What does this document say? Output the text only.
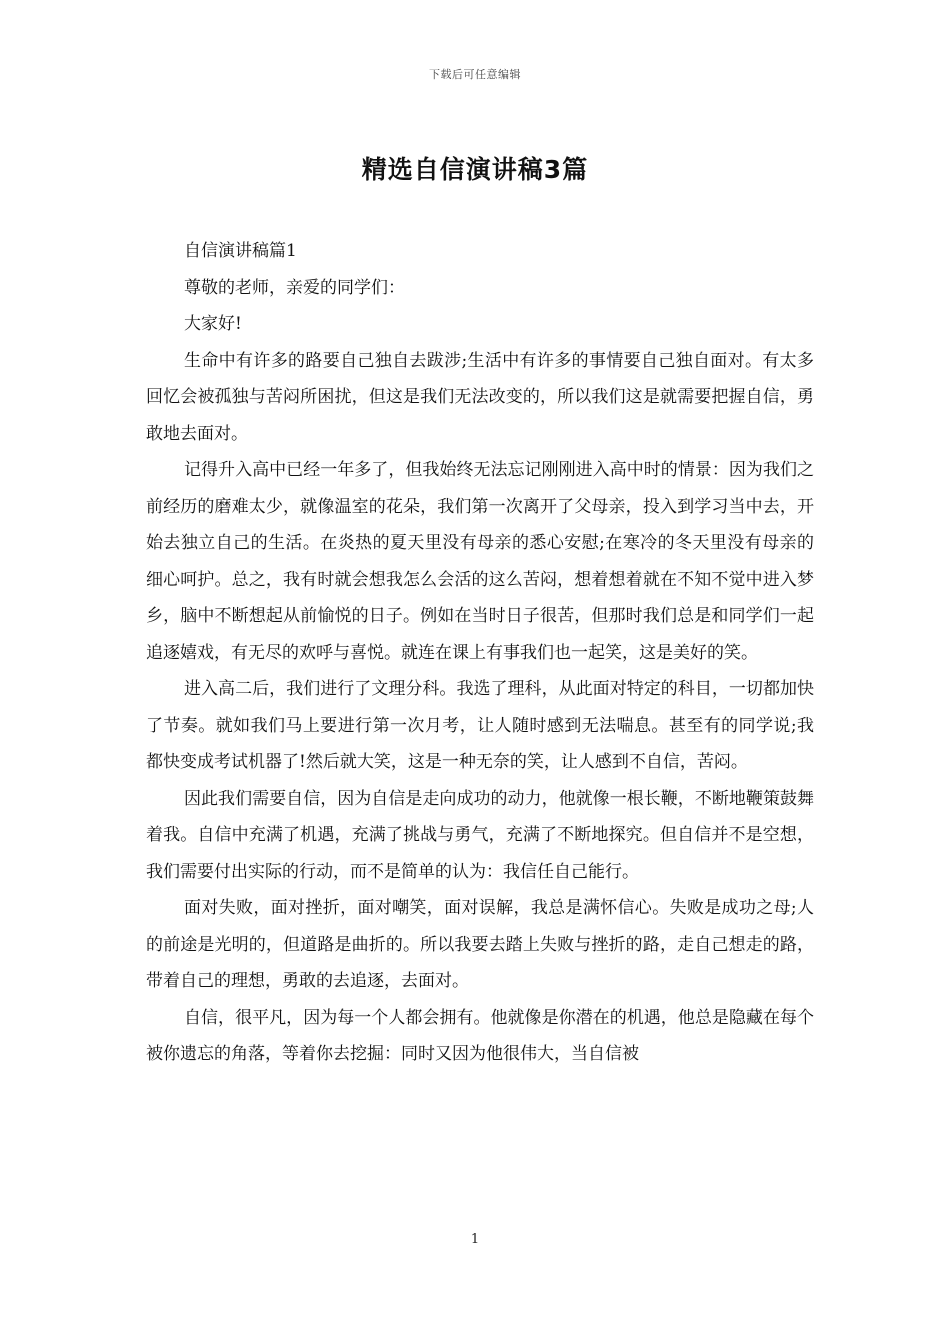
下载后可任意编辑
精选自信演讲稿3篇

自信演讲稿篇1

尊敬的老师，亲爱的同学们：

大家好!

生命中有许多的路要自己独自去跋涉;生活中有许多的事情要自己独自面对。有太多回忆会被孤独与苦闷所困扰，但这是我们无法改变的，所以我们这是就需要把握自信，勇敢地去面对。

记得升入高中已经一年多了，但我始终无法忘记刚刚进入高中时的情景：因为我们之前经历的磨难太少，就像温室的花朵，我们第一次离开了父母亲，投入到学习当中去，开始去独立自己的生活。在炎热的夏天里没有母亲的悉心安慰;在寒冷的冬天里没有母亲的细心呵护。总之，我有时就会想我怎么会活的这么苦闷，想着想着就在不知不觉中进入梦乡，脑中不断想起从前愉悦的日子。例如在当时日子很苦，但那时我们总是和同学们一起追逐嬉戏，有无尽的欢呼与喜悦。就连在课上有事我们也一起笑，这是美好的笑。

进入高二后，我们进行了文理分科。我选了理科，从此面对特定的科目，一切都加快了节奏。就如我们马上要进行第一次月考，让人随时感到无法喘息。甚至有的同学说;我都快变成考试机器了!然后就大笑，这是一种无奈的笑，让人感到不自信，苦闷。

因此我们需要自信，因为自信是走向成功的动力，他就像一根长鞭，不断地鞭策鼓舞着我。自信中充满了机遇，充满了挑战与勇气，充满了不断地探究。但自信并不是空想，我们需要付出实际的行动，而不是简单的认为：我信任自己能行。

面对失败，面对挫折，面对嘲笑，面对误解，我总是满怀信心。失败是成功之母;人的前途是光明的，但道路是曲折的。所以我要去踏上失败与挫折的路，走自己想走的路，带着自己的理想，勇敢的去追逐，去面对。

自信，很平凡，因为每一个人都会拥有。他就像是你潜在的机遇，他总是隐藏在每个被你遗忘的角落，等着你去挖掘：同时又因为他很伟大，当自信被

1
